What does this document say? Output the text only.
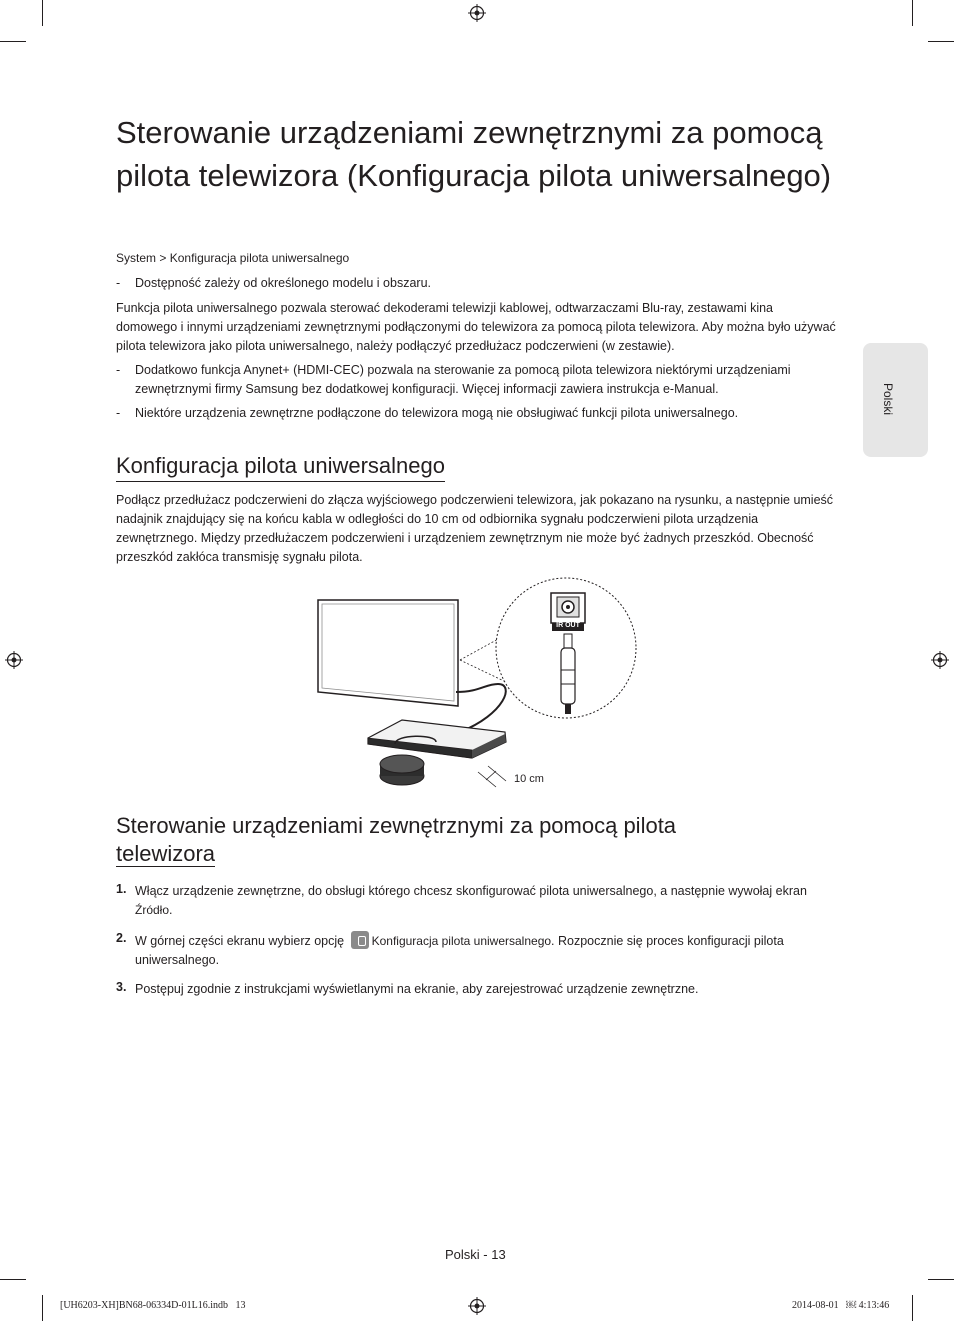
Polski
Sterowanie urządzeniami zewnętrznymi za pomocą pilota telewizora (Konfiguracja pilota uniwersalnego)
System > Konfiguracja pilota uniwersalnego
- Dostępność zależy od określonego modelu i obszaru.
Funkcja pilota uniwersalnego pozwala sterować dekoderami telewizji kablowej, odtwarzaczami Blu-ray, zestawami kina domowego i innymi urządzeniami zewnętrznymi podłączonymi do telewizora za pomocą pilota telewizora. Aby można było używać pilota telewizora jako pilota uniwersalnego, należy podłączyć przedłużacz podczerwieni (w zestawie).
- Dodatkowo funkcja Anynet+ (HDMI-CEC) pozwala na sterowanie za pomocą pilota telewizora niektórymi urządzeniami zewnętrznymi firmy Samsung bez dodatkowej konfiguracji. Więcej informacji zawiera instrukcja e-Manual.
- Niektóre urządzenia zewnętrzne podłączone do telewizora mogą nie obsługiwać funkcji pilota uniwersalnego.
Konfiguracja pilota uniwersalnego
Podłącz przedłużacz podczerwieni do złącza wyjściowego podczerwieni telewizora, jak pokazano na rysunku, a następnie umieść nadajnik znajdujący się na końcu kabla w odległości do 10 cm od odbiornika sygnału podczerwieni pilota urządzenia zewnętrznego. Między przedłużaczem podczerwieni i urządzeniem zewnętrznym nie może być żadnych przeszkód. Obecność przeszkód zakłóca transmisję sygnału pilota.
IR OUT
10 cm
Sterowanie urządzeniami zewnętrznymi za pomocą pilota
telewizora
1. Włącz urządzenie zewnętrzne, do obsługi którego chcesz skonfigurować pilota uniwersalnego, a następnie wywołaj ekran Źródło.
2. W górnej części ekranu wybierz opcję Konfiguracja pilota uniwersalnego. Rozpocznie się proces konfiguracji pilota uniwersalnego.
3. Postępuj zgodnie z instrukcjami wyświetlanymi na ekranie, aby zarejestrować urządzenie zewnętrzne.
Polski - 13
[UH6203-XH]BN68-06334D-01L16.indb   13	2014-08-01   ￼ 4:13:46
